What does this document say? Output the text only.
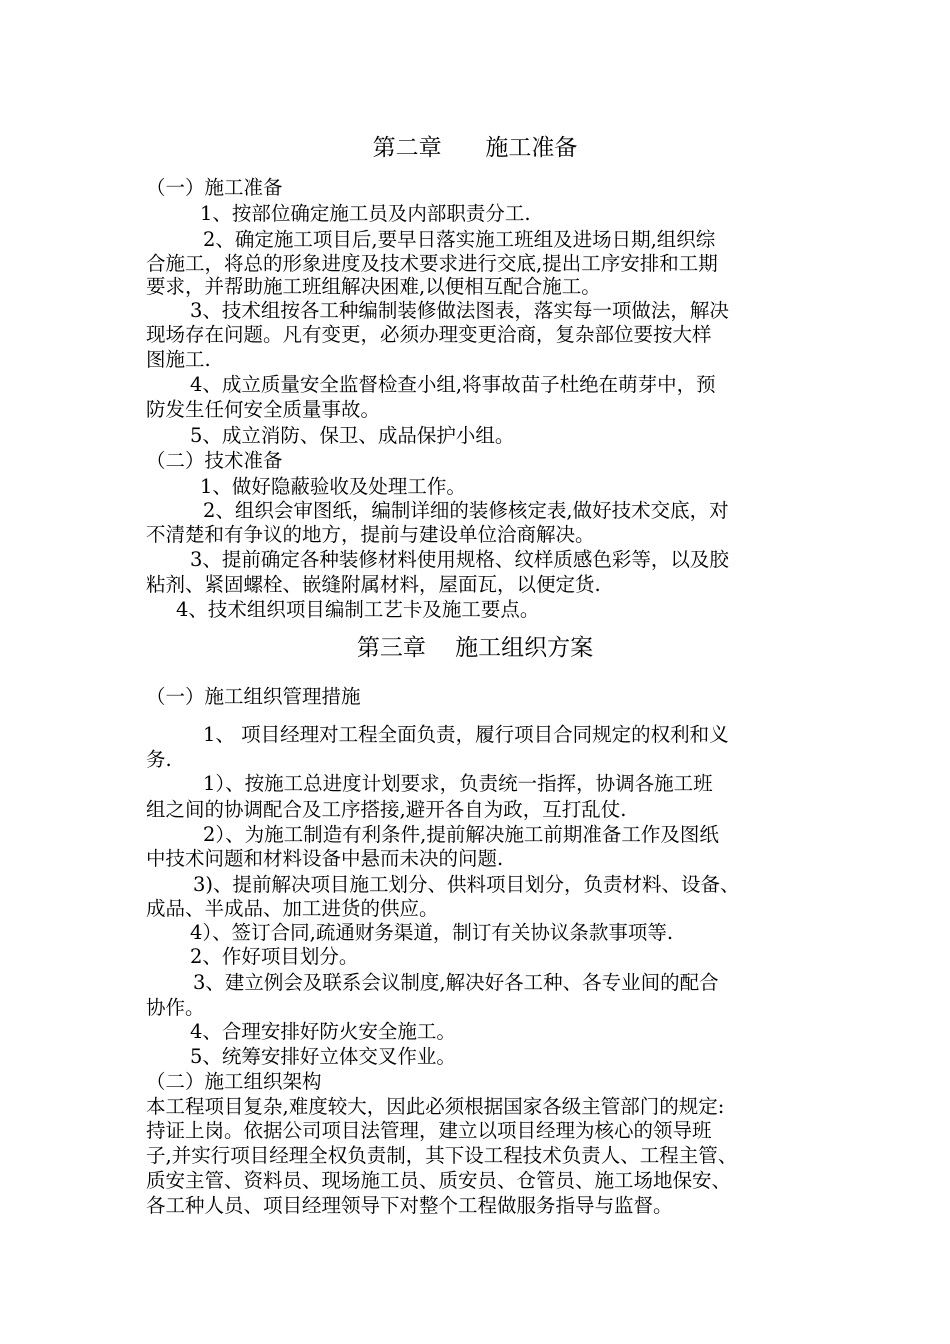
第二章      施工准备
（一）施工准备
1、按部位确定施工员及内部职责分工.
2、确定施工项目后,要早日落实施工班组及进场日期,组织综
合施工，将总的形象进度及技术要求进行交底,提出工序安排和工期
要求，并帮助施工班组解决困难,以便相互配合施工。
3、技术组按各工种编制装修做法图表，落实每一项做法，解决
现场存在问题。凡有变更，必须办理变更洽商，复杂部位要按大样
图施工.
4、成立质量安全监督检查小组,将事故苗子杜绝在萌芽中，预
防发生任何安全质量事故。
5、成立消防、保卫、成品保护小组。
（二）技术准备
1、做好隐蔽验收及处理工作。
2、组织会审图纸，编制详细的装修核定表,做好技术交底，对
不清楚和有争议的地方，提前与建设单位洽商解决。
3、提前确定各种装修材料使用规格、纹样质感色彩等，以及胶
粘剂、紧固螺栓、嵌缝附属材料，屋面瓦，以便定货.
4、技术组织项目编制工艺卡及施工要点。
第三章    施工组织方案
（一）施工组织管理措施
1、 项目经理对工程全面负责，履行项目合同规定的权利和义
务.
1）、按施工总进度计划要求，负责统一指挥，协调各施工班
组之间的协调配合及工序搭接,避开各自为政，互打乱仗.
2）、为施工制造有利条件,提前解决施工前期准备工作及图纸
中技术问题和材料设备中悬而未决的问题.
3)、提前解决项目施工划分、供料项目划分，负责材料、设备、
成品、半成品、加工进货的供应。
4）、签订合同,疏通财务渠道，制订有关协议条款事项等.
2、作好项目划分。
3、建立例会及联系会议制度,解决好各工种、各专业间的配合
协作。
4、合理安排好防火安全施工。
5、统筹安排好立体交叉作业。
（二）施工组织架构
本工程项目复杂,难度较大，因此必须根据国家各级主管部门的规定:
持证上岗。依据公司项目法管理，建立以项目经理为核心的领导班
子,并实行项目经理全权负责制，其下设工程技术负责人、工程主管、
质安主管、资料员、现场施工员、质安员、仓管员、施工场地保安、
各工种人员、项目经理领导下对整个工程做服务指导与监督。
